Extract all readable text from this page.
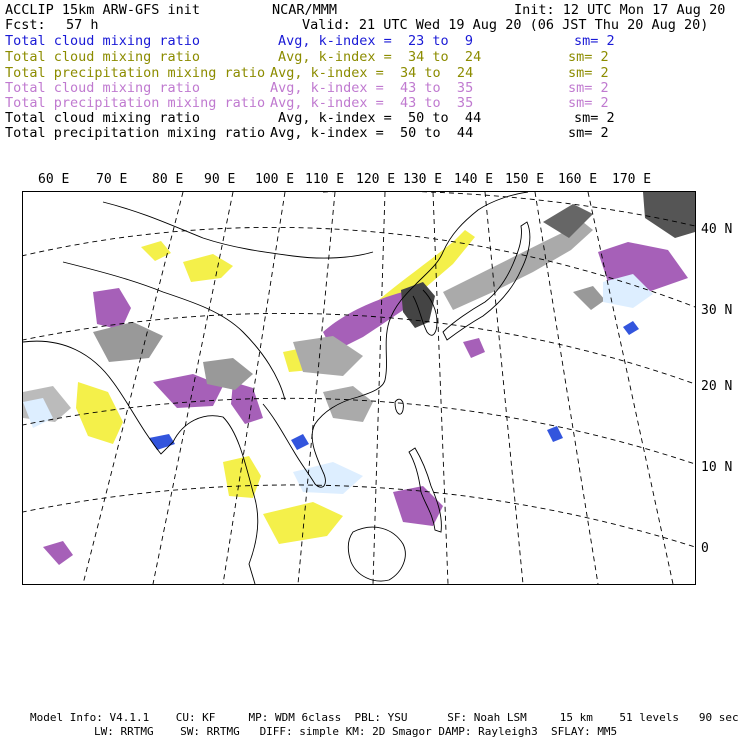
ACCLIP 15km ARW-GFS init	NCAR/MMM	Init: 12 UTC Mon 17 Aug 20
Fcst: 57 h	Valid: 21 UTC Wed 19 Aug 20 (06 JST Thu 20 Aug 20)
Total cloud mixing ratio	Avg, k-index =  23 to  9	sm= 2
Total cloud mixing ratio	Avg, k-index =  34 to  24	sm= 2
Total precipitation mixing ratio Avg, k-index =  34 to  24	sm= 2
Total cloud mixing ratio	Avg, k-index =  43 to  35	sm= 2
Total precipitation mixing ratio Avg, k-index =  43 to  35	sm= 2
Total cloud mixing ratio	Avg, k-index =  50 to  44	sm= 2
Total precipitation mixing ratio Avg, k-index =  50 to  44	sm= 2
60 E 70 E 80 E 90 E 100 E 110 E 120 E 130 E 140 E 150 E 160 E 170 E
40 N
30 N
20 N
10 N
0
Model Info: V4.1.1    CU: KF     MP: WDM 6class  PBL: YSU      SF: Noah LSM     15 km    51 levels   90 sec
LW: RRTMG    SW: RRTMG   DIFF: simple KM: 2D Smagor DAMP: Rayleigh3  SFLAY: MM5
